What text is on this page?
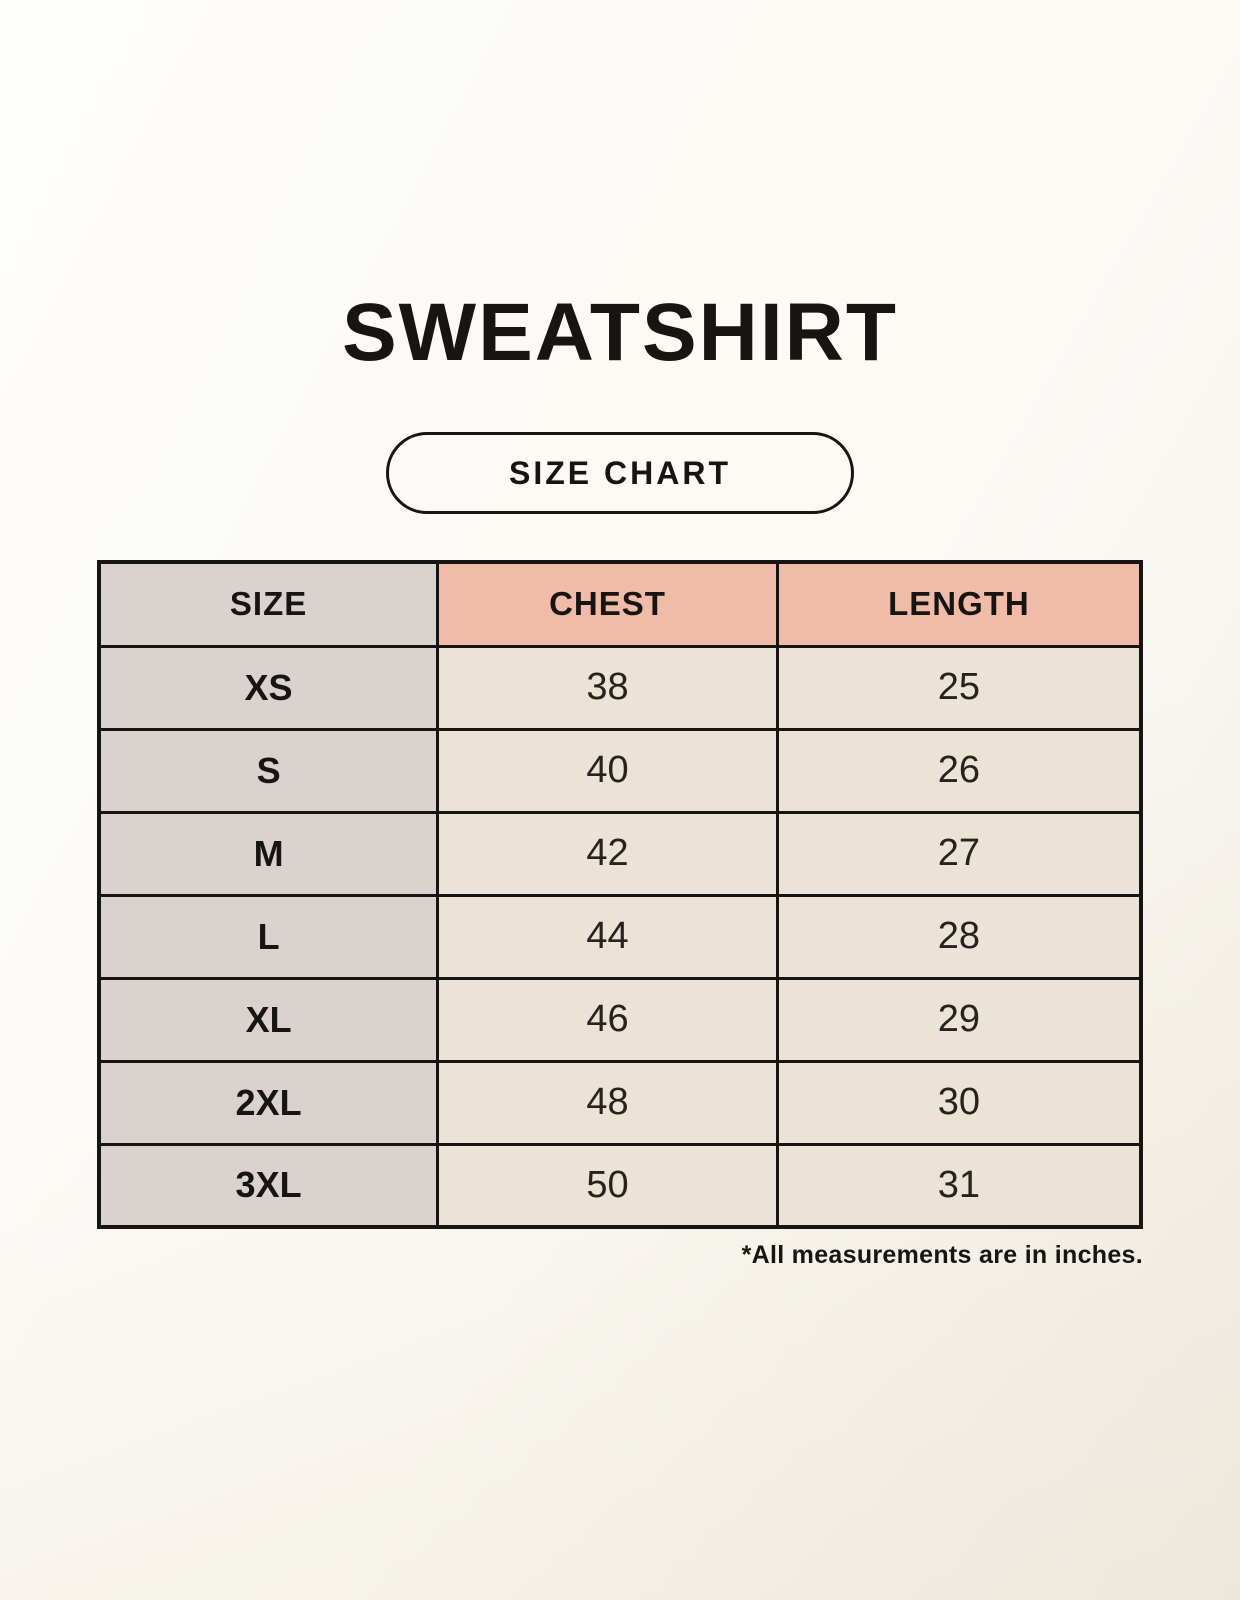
SWEATSHIRT
SIZE CHART
SIZE	CHEST	LENGTH
XS	38	25
S	40	26
M	42	27
L	44	28
XL	46	29
2XL	48	30
3XL	50	31
*All measurements are in inches.
